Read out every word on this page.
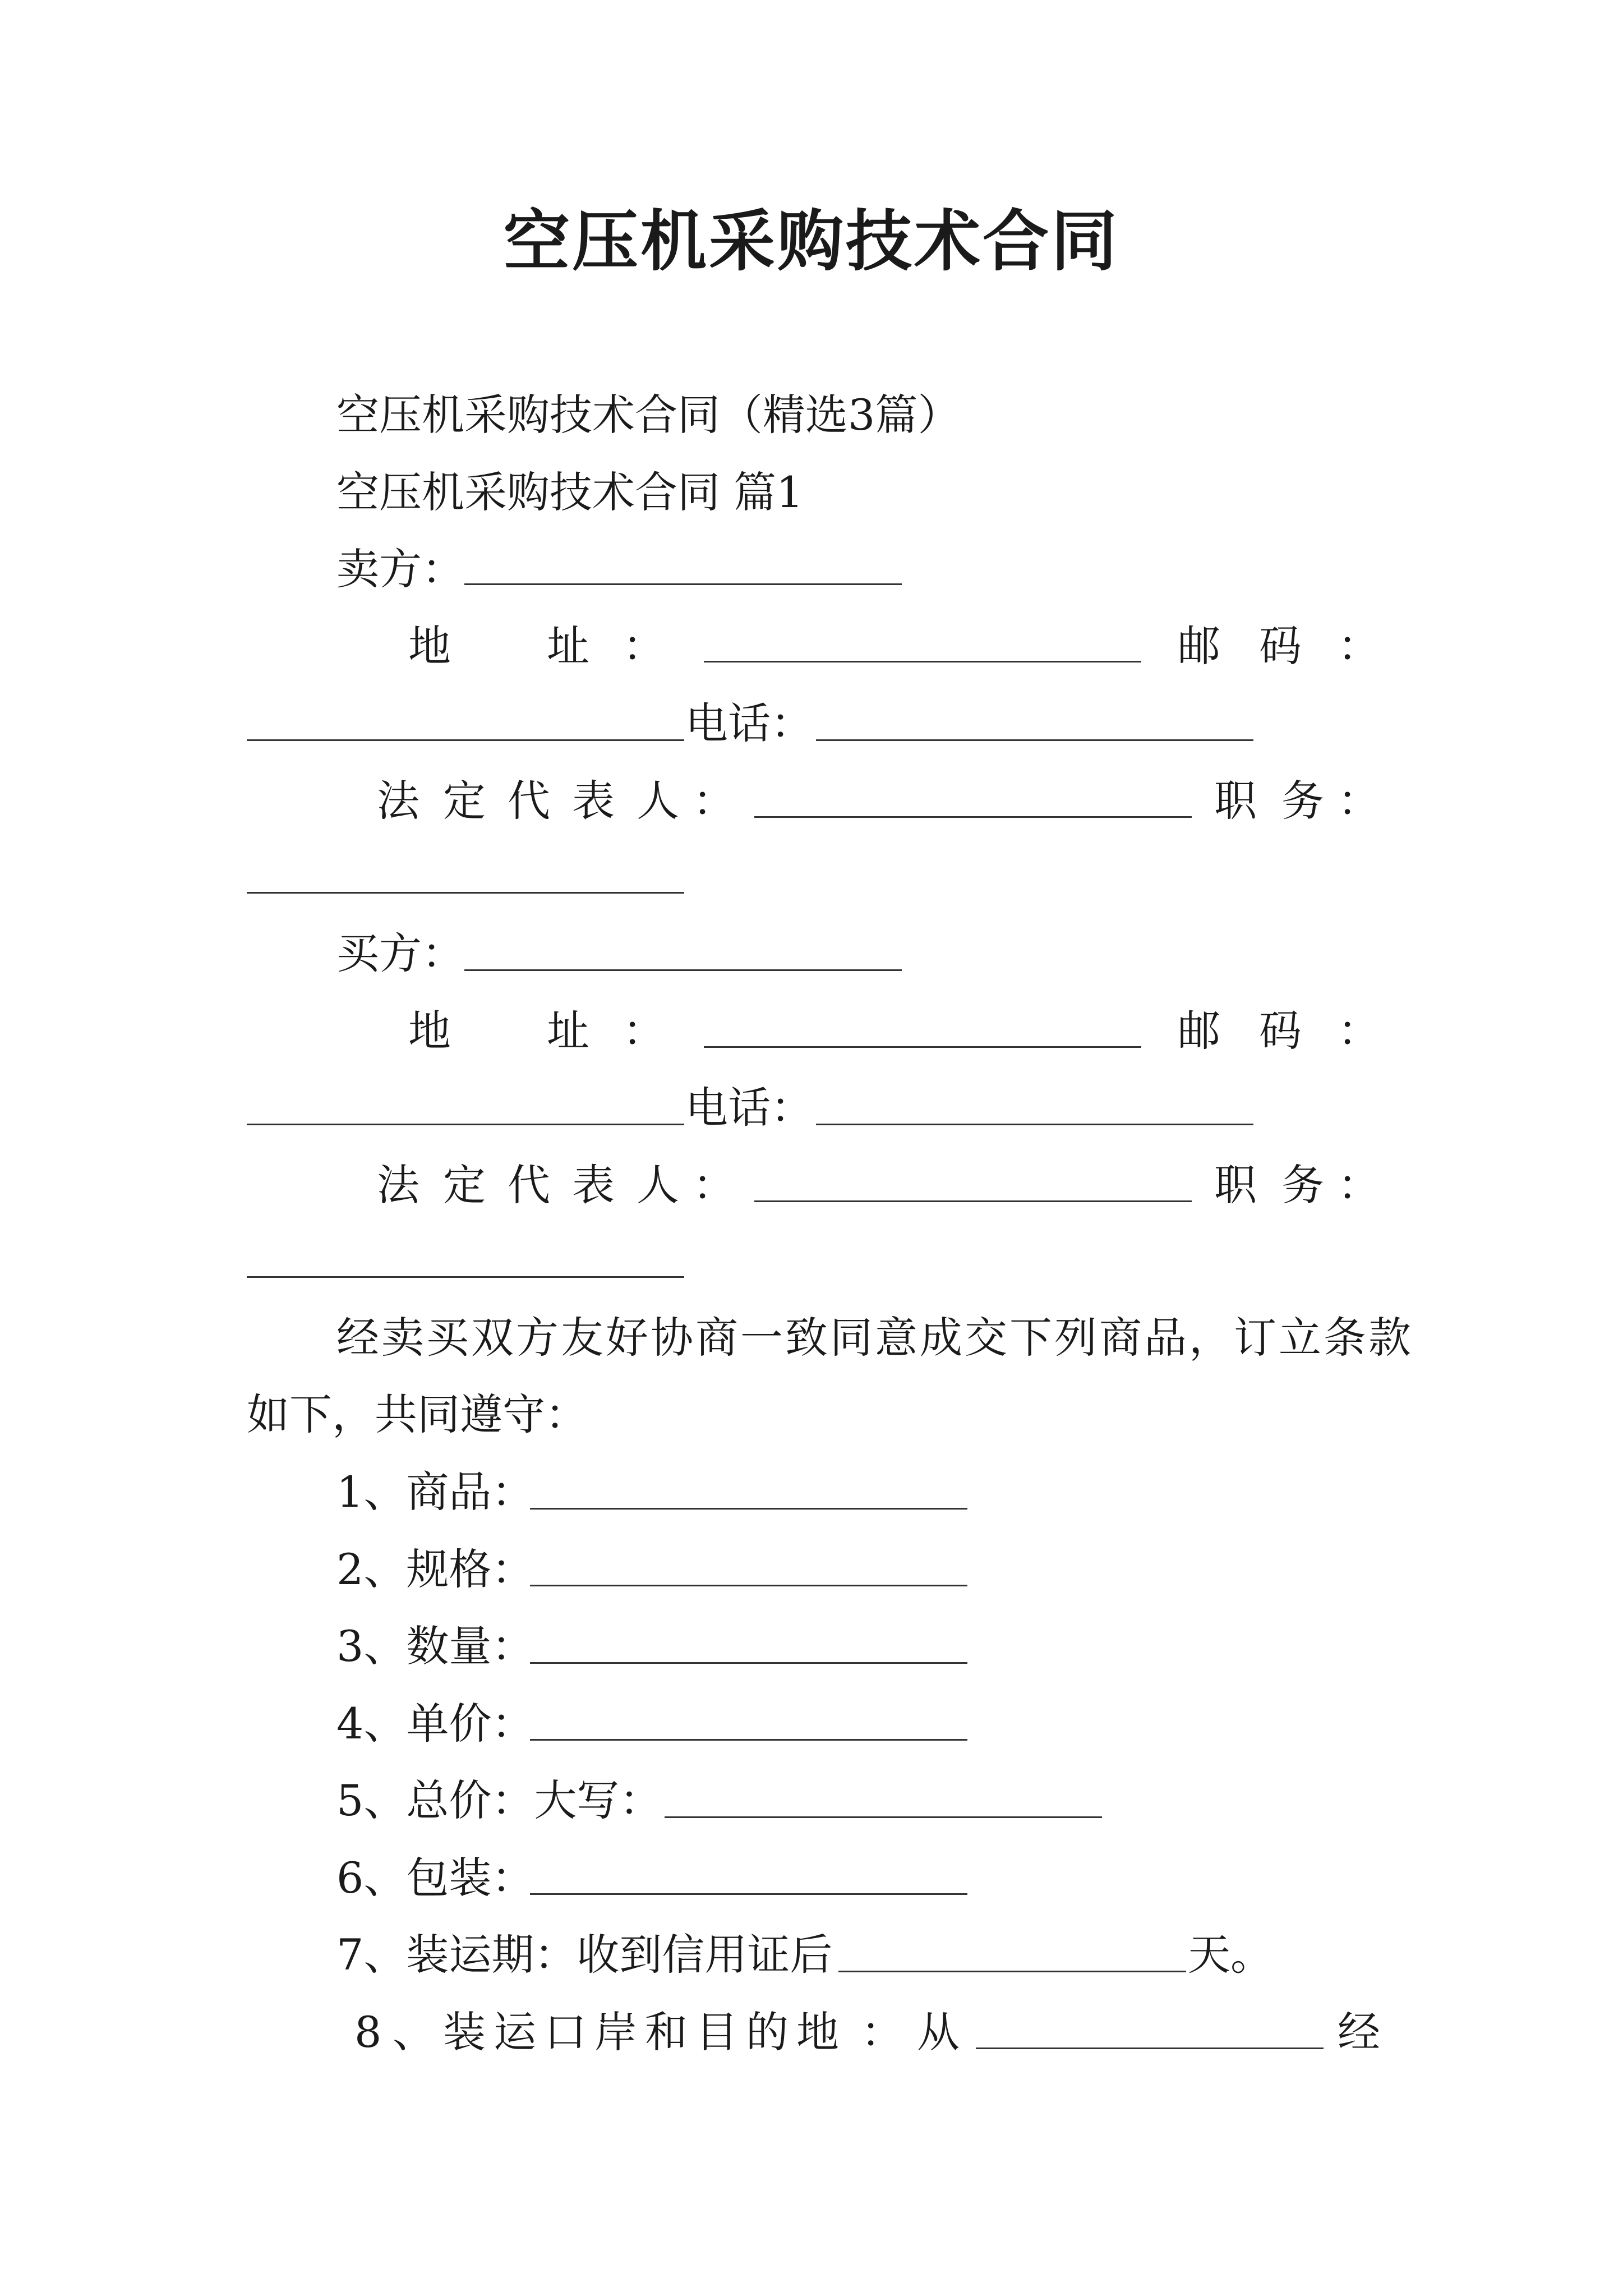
空压机采购技术合同
空压机采购技术合同（精选3篇）
空压机采购技术合同 篇1
卖方：
地 址 ：	邮 码 ：
电话：
法 定 代 表 人 ：	职 务 ：
买方：
地 址 ：	邮 码 ：
电话：
法 定 代 表 人 ：	职 务 ：
经卖买双方友好协商一致同意成交下列商品，订立条款
如下，共同遵守：
1、商品：
2、规格：
3、数量：
4、单价：
5、总价：大写：
6、包装：
7、装运期：收到信用证后	天。
8 、 装 运 口 岸 和 目 的 地 ： 从	经
